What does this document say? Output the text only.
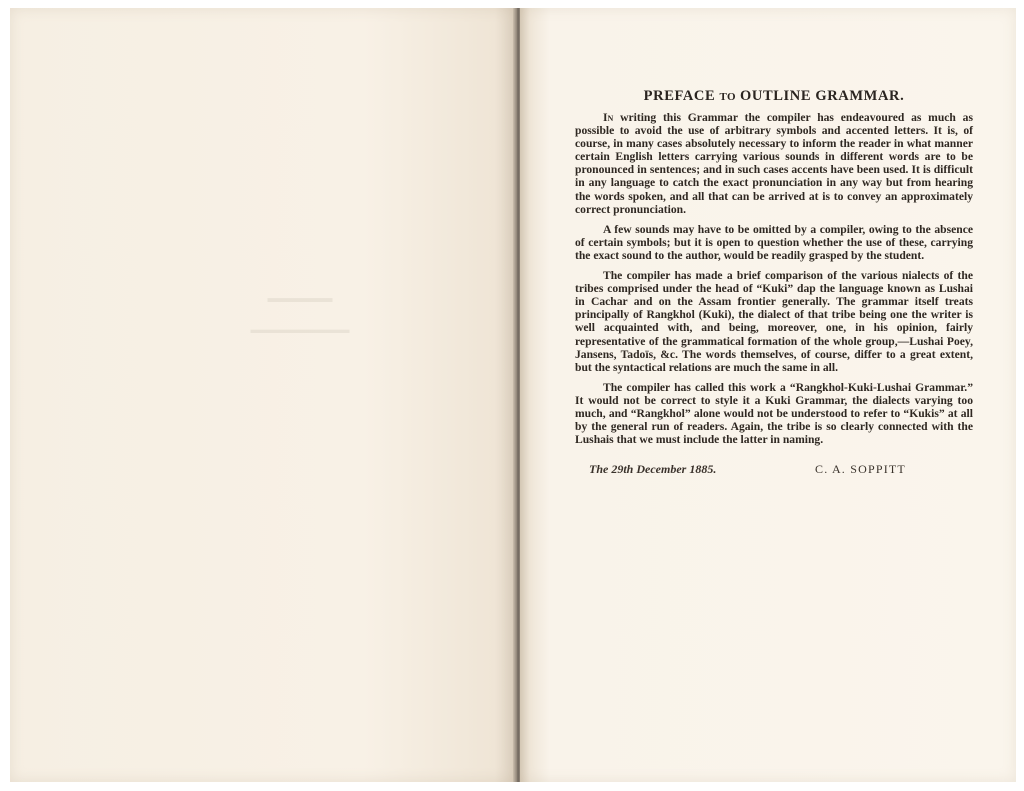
▬▬▬▬▬
▬▬▬▬▬▬▬▬▬
PREFACE TO OUTLINE GRAMMAR.

In writing this Grammar the compiler has endeavoured as much as possible to avoid the use of arbitrary symbols and accented letters. It is, of course, in many cases absolutely necessary to inform the reader in what manner certain English letters carrying various sounds in different words are to be pronounced in sentences; and in such cases accents have been used. It is difficult in any language to catch the exact pronunciation in any way but from hearing the words spoken, and all that can be arrived at is to convey an approximately correct pronunciation.

A few sounds may have to be omitted by a compiler, owing to the absence of certain symbols; but it is open to question whether the use of these, carrying the exact sound to the author, would be readily grasped by the student.

The compiler has made a brief comparison of the various nialects of the tribes comprised under the head of “Kuki” dap the language known as Lushai in Cachar and on the Assam frontier generally. The grammar itself treats principally of Rangkhol (Kuki), the dialect of that tribe being one the writer is well acquainted with, and being, moreover, one, in his opinion, fairly representative of the grammatical formation of the whole group,—Lushai Poey, Jansens, Tadoïs, &c. The words themselves, of course, differ to a great extent, but the syntactical relations are much the same in all.

The compiler has called this work a “Rangkhol-Kuki-Lushai Grammar.” It would not be correct to style it a Kuki Grammar, the dialects varying too much, and “Rangkhol” alone would not be understood to refer to “Kukis” at all by the general run of readers. Again, the tribe is so clearly connected with the Lushais that we must include the latter in naming.

The 29th December 1885.	C. A. SOPPITT
